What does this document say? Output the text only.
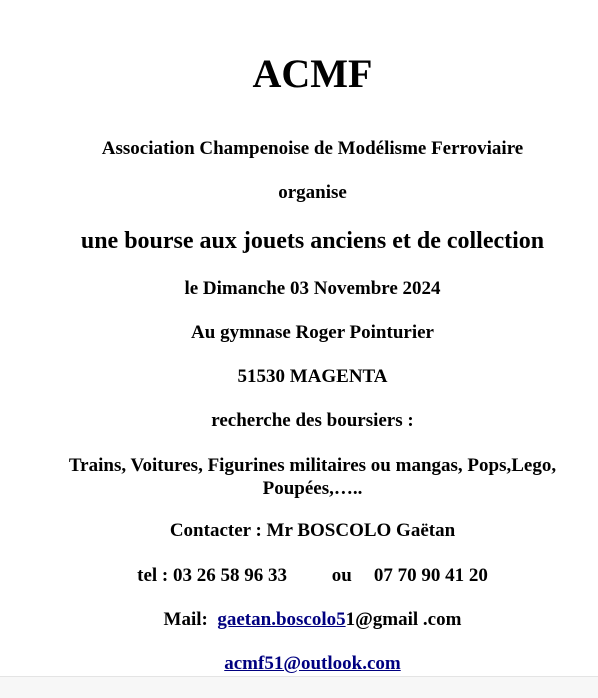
ACMF
Association Champenoise de Modélisme Ferroviaire
organise
une bourse aux jouets anciens et de collection
le Dimanche 03 Novembre 2024
Au gymnase Roger Pointurier
51530 MAGENTA
recherche des boursiers :
Trains, Voitures, Figurines militaires ou mangas, Pops,Lego, Poupées,…..
Contacter : Mr BOSCOLO Gaëtan
tel : 03 26 58 96 33 ou 07 70 90 41 20
Mail: gaetan.boscolo51@gmail .com
acmf51@outlook.com
